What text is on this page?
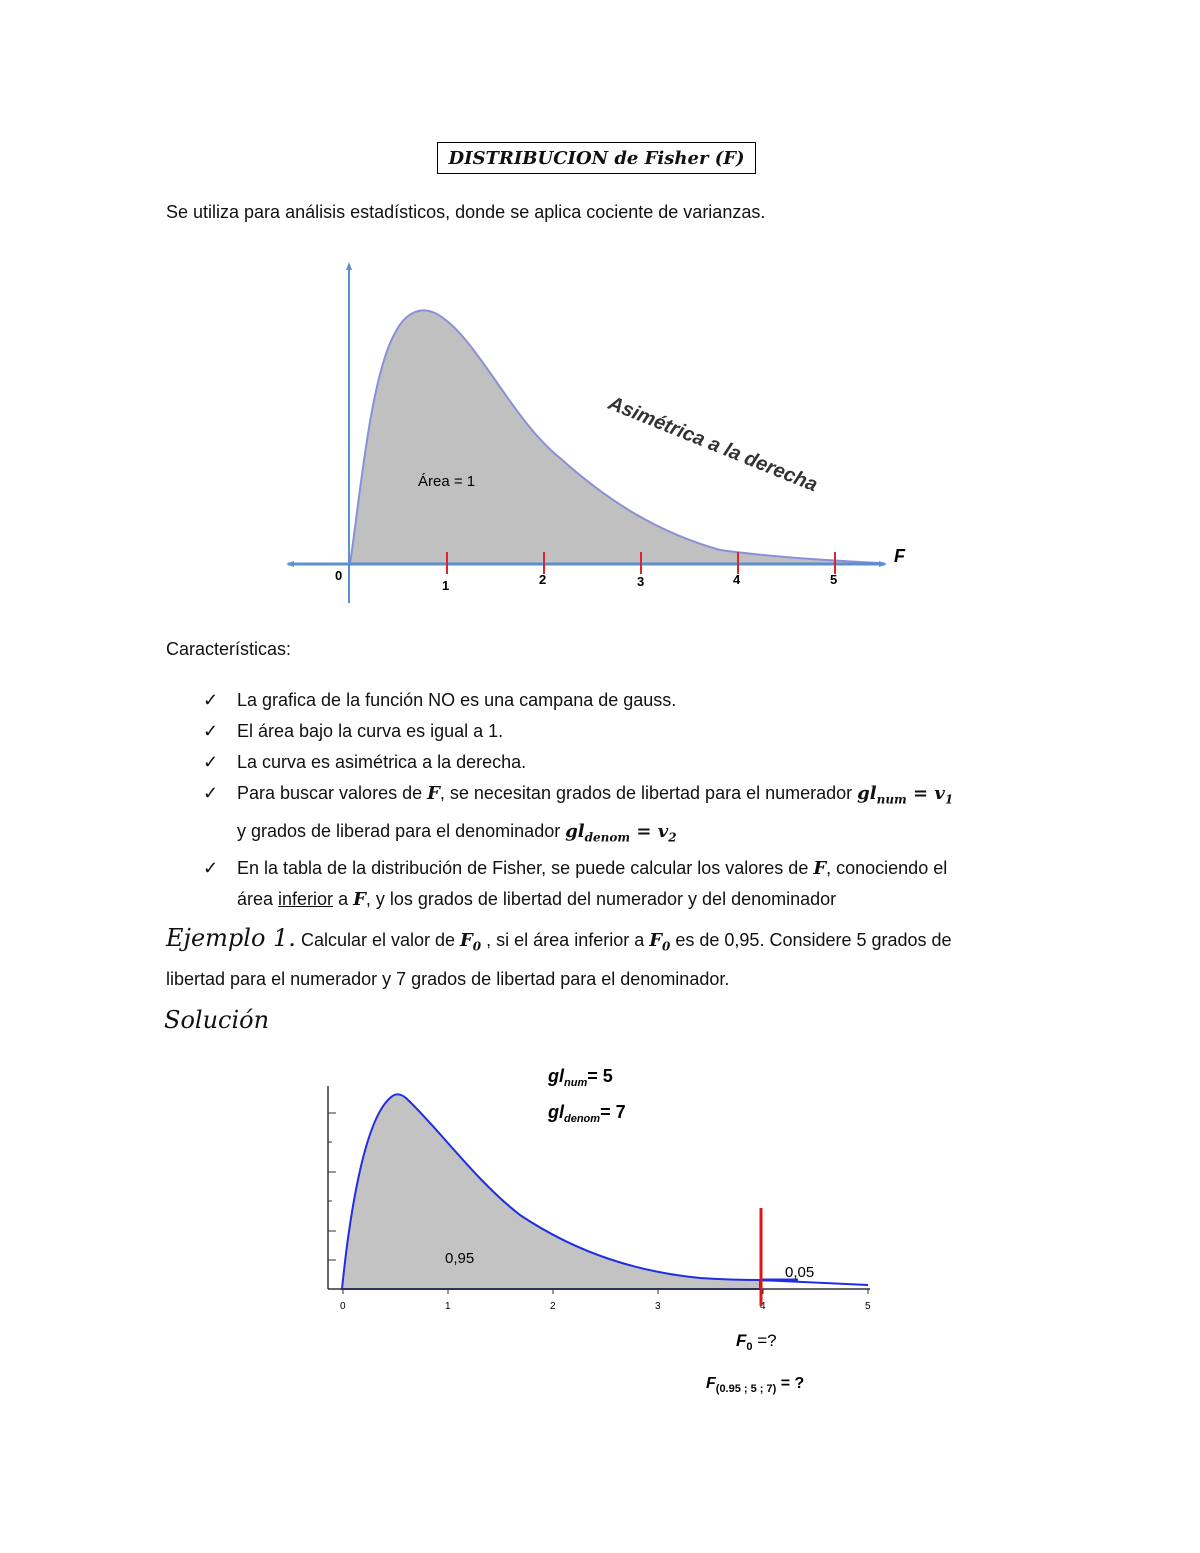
DISTRIBUCION de Fisher (F)
Se utiliza para análisis estadísticos, donde se aplica cociente de varianzas.
0
1	2	3	4	5
F
Área = 1	Asimétrica a la derecha
Características:
✓ La grafica de la función NO es una campana de gauss.
✓ El área bajo la curva es igual a 1.
✓ La curva es asimétrica a la derecha.
✓ Para buscar valores de F, se necesitan grados de libertad para el numerador $gl_{num} = v_1$
y grados de liberad para el denominador $gl_{denom} = v_2$
✓ En la tabla de la distribución de Fisher, se puede calcular los valores de F, conociendo el
área inferior a F, y los grados de libertad del numerador y del denominador
Ejemplo 1. Calcular el valor de $F_0$ , si el área inferior a $F_0$ es de 0,95. Considere 5 grados de
libertad para el numerador y 7 grados de libertad para el denominador.
Solución
0	1	2	3	4	5
0,95
0,05
$gl_{num}= 5$
$gl_{denom}= 7$
$F_0$ =?
$F_{(0.95 ; 5 ; 7)}$ = ?
